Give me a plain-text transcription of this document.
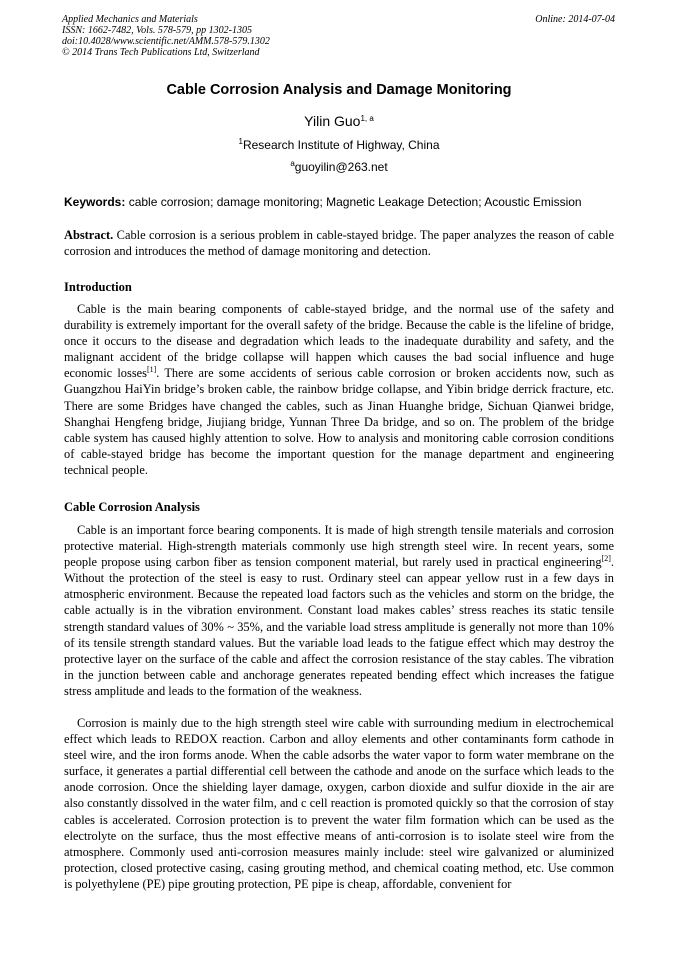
Applied Mechanics and Materials
ISSN: 1662-7482, Vols. 578-579, pp 1302-1305
doi:10.4028/www.scientific.net/AMM.578-579.1302
© 2014 Trans Tech Publications Ltd, Switzerland
Online: 2014-07-04
Cable Corrosion Analysis and Damage Monitoring
Yilin Guo$^{1, a}$
$^1$Research Institute of Highway, China
$^a$guoyilin@263.net
Keywords: cable corrosion; damage monitoring; Magnetic Leakage Detection; Acoustic Emission
Abstract. Cable corrosion is a serious problem in cable-stayed bridge. The paper analyzes the reason of cable corrosion and introduces the method of damage monitoring and detection.
Introduction
Cable is the main bearing components of cable-stayed bridge, and the normal use of the safety and durability is extremely important for the overall safety of the bridge. Because the cable is the lifeline of bridge, once it occurs to the disease and degradation which leads to the inadequate durability and safety, and the malignant accident of the bridge collapse will happen which causes the bad social influence and huge economic losses[1]. There are some accidents of serious cable corrosion or broken accidents now, such as Guangzhou HaiYin bridge’s broken cable, the rainbow bridge collapse, and Yibin bridge derrick fracture, etc. There are some Bridges have changed the cables, such as Jinan Huanghe bridge, Sichuan Qianwei bridge, Shanghai Hengfeng bridge, Jiujiang bridge, Yunnan Three Da bridge, and so on. The problem of the bridge cable system has caused highly attention to solve. How to analysis and monitoring cable corrosion conditions of cable-stayed bridge has become the important question for the manage department and engineering technical people.
Cable Corrosion Analysis
Cable is an important force bearing components. It is made of high strength tensile materials and corrosion protective material. High-strength materials commonly use high strength steel wire. In recent years, some people propose using carbon fiber as tension component material, but rarely used in practical engineering[2]. Without the protection of the steel is easy to rust. Ordinary steel can appear yellow rust in a few days in atmospheric environment. Because the repeated load factors such as the vehicles and storm on the bridge, the cable actually is in the vibration environment. Constant load makes cables’ stress reaches its static tensile strength standard values of 30% ~ 35%, and the variable load stress amplitude is generally not more than 10% of its tensile strength standard values. But the variable load leads to the fatigue effect which may destroy the protective layer on the surface of the cable and affect the corrosion resistance of the stay cables. The vibration in the junction between cable and anchorage generates repeated bending effect which increases the fatigue stress amplitude and leads to the formation of the weakness.
Corrosion is mainly due to the high strength steel wire cable with surrounding medium in electrochemical effect which leads to REDOX reaction. Carbon and alloy elements and other contaminants form cathode in steel wire, and the iron forms anode. When the cable adsorbs the water vapor to form water membrane on the surface, it generates a partial differential cell between the cathode and anode on the surface which leads to the anode corrosion. Once the shielding layer damage, oxygen, carbon dioxide and sulfur dioxide in the air are also constantly dissolved in the water film, and c cell reaction is promoted quickly so that the corrosion of stay cables is accelerated. Corrosion protection is to prevent the water film formation which can be used as the electrolyte on the surface, thus the most effective means of anti-corrosion is to isolate steel wire from the atmosphere. Commonly used anti-corrosion measures mainly include: steel wire galvanized or aluminized protection, closed protective casing, casing grouting method, and chemical coating method, etc. Use common is polyethylene (PE) pipe grouting protection, PE pipe is cheap, affordable, convenient for
